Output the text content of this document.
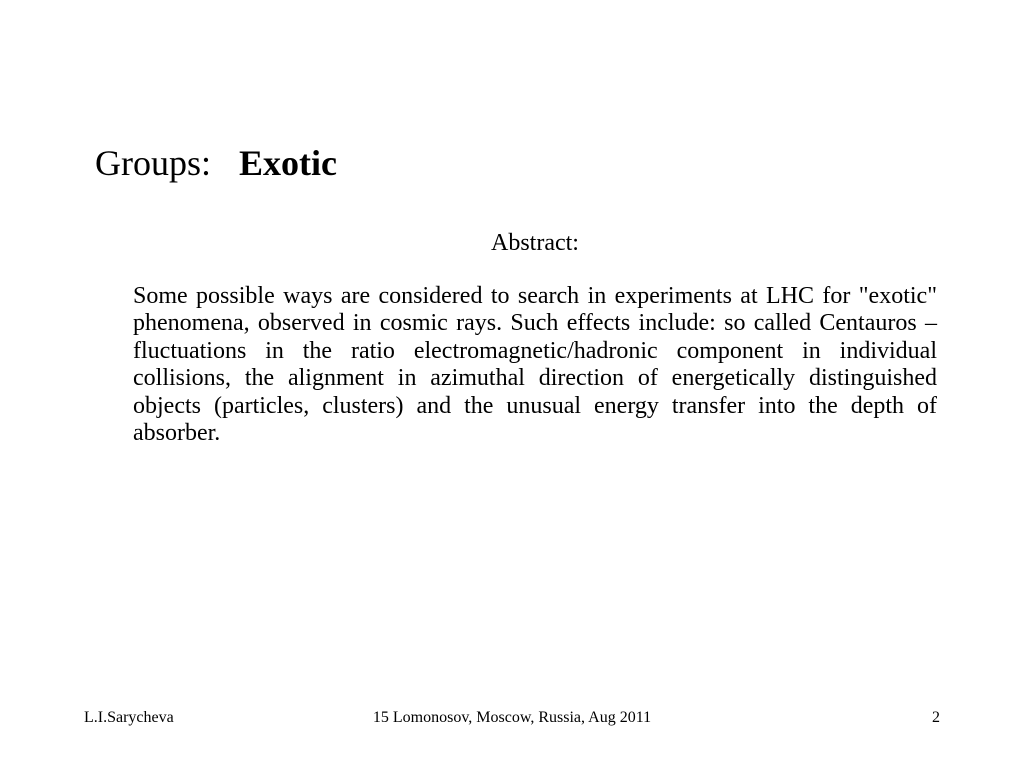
Groups: Exotic
Abstract:

Some possible ways are considered to search in experiments at LHC for "exotic" phenomena, observed in cosmic rays. Such effects include: so called Centauros – fluctuations in the ratio electromagnetic/hadronic component in individual collisions, the alignment in azimuthal direction of energetically distinguished objects (particles, clusters) and the unusual energy transfer into the depth of absorber.

L.I.Sarycheva	15 Lomonosov, Moscow, Russia, Aug 2011	2
